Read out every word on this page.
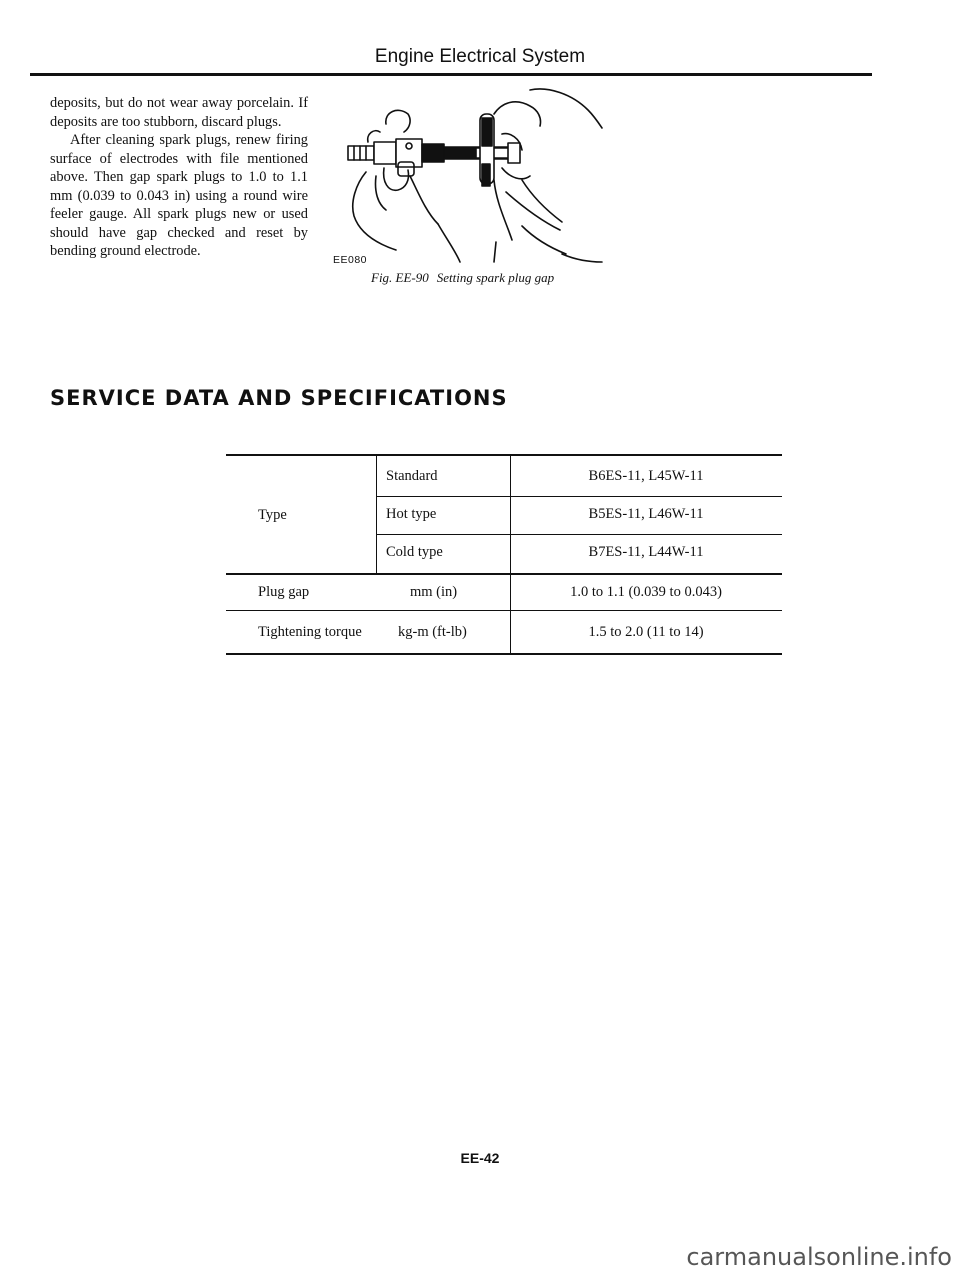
Engine Electrical System

deposits, but do not wear away porcelain. If deposits are too stubborn, discard plugs.

After cleaning spark plugs, renew firing surface of electrodes with file mentioned above. Then gap spark plugs to 1.0 to 1.1 mm (0.039 to 0.043 in) using a round wire feeler gauge. All spark plugs new or used should have gap checked and reset by bending ground electrode.

EE080
Fig. EE-90 Setting spark plug gap
SERVICE DATA AND SPECIFICATIONS
Type
Standard	B6ES-11, L45W-11
Hot type	B5ES-11, L46W-11
Cold type	B7ES-11, L44W-11
Plug gap	mm (in)	1.0 to 1.1 (0.039 to 0.043)
Tightening torque kg-m (ft-lb)	1.5 to 2.0 (11 to 14)
EE-42
carmanualsonline.info
